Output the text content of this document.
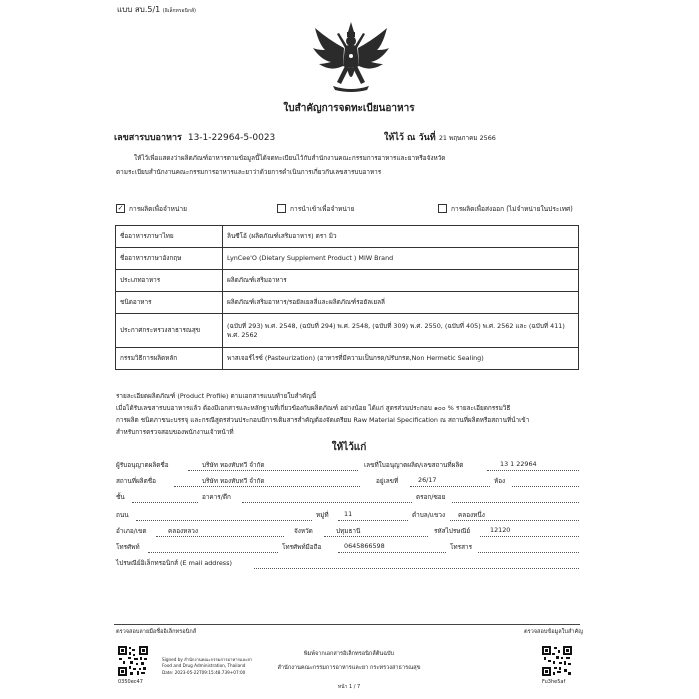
แบบ สบ.5/1 (อิเล็กทรอนิกส์)
ใบสำคัญการจดทะเบียนอาหาร
เลขสารบบอาหาร 13-1-22964-5-0023	ให้ไว้ ณ วันที่ 21 พฤษภาคม 2566
ให้ไว้เพื่อแสดงว่าผลิตภัณฑ์อาหารตามข้อมูลนี้ได้จดทะเบียนไว้กับสำนักงานคณะกรรมการอาหารและยาหรือจังหวัด
ตามระเบียบสำนักงานคณะกรรมการอาหารและยาว่าด้วยการดำเนินการเกี่ยวกับเลขสารบบอาหาร
✓ การผลิตเพื่อจำหน่าย	การนำเข้าเพื่อจำหน่าย	การผลิตเพื่อส่งออก (ไม่จำหน่ายในประเทศ)
ชื่ออาหารภาษาไทย	ลินซีโอ้ (ผลิตภัณฑ์เสริมอาหาร) ตรา มิว
ชื่ออาหารภาษาอังกฤษ	LynCee'O (Dietary Supplement Product ) MIW Brand
ประเภทอาหาร	ผลิตภัณฑ์เสริมอาหาร
ชนิดอาหาร	ผลิตภัณฑ์เสริมอาหาร/รอยัลเยลลี่และผลิตภัณฑ์รอยัลเยลลี่
ประกาศกระทรวงสาธารณสุข	(ฉบับที่ 293) พ.ศ. 2548, (ฉบับที่ 294) พ.ศ. 2548, (ฉบับที่ 309) พ.ศ. 2550, (ฉบับที่ 405) พ.ศ. 2562 และ (ฉบับที่ 411) พ.ศ. 2562
กรรมวิธีการผลิตหลัก	พาสเจอร์ไรซ์ (Pasteurization) (อาหารที่มีความเป็นกรด/ปรับกรด,Non Hermetic Sealing)
รายละเอียดผลิตภัณฑ์ (Product Profile) ตามเอกสารแนบท้ายใบสำคัญนี้
เมื่อได้รับเลขสารบบอาหารแล้ว ต้องมีเอกสารและหลักฐานที่เกี่ยวข้องกับผลิตภัณฑ์ อย่างน้อย ได้แก่ สูตรส่วนประกอบ ๑๐๐ % รายละเอียดกรรมวิธี
การผลิต ชนิดภาชนะบรรจุ และกรณีสูตรส่วนประกอบมีการเติมสารสำคัญต้องจัดเตรียม Raw Material Specification ณ สถานที่ผลิตหรือสถานที่นำเข้า
สำหรับการตรวจสอบของพนักงานเจ้าหน้าที่
ให้ไว้แก่
ผู้รับอนุญาตผลิตชื่อ	บริษัท ทองทับทวี จำกัด	เลขที่ใบอนุญาตผลิต/เลขสถานที่ผลิต	13 1 22964
สถานที่ผลิตชื่อ	บริษัท ทองทับทวี จำกัด	อยู่เลขที่	26/17	ห้อง
ชั้น	อาคาร/ตึก	ตรอก/ซอย
ถนน	หมู่ที่ 11	ตำบล/แขวง คลองหนึ่ง
อำเภอ/เขต	คลองหลวง	จังหวัด	ปทุมธานี	รหัสไปรษณีย์	12120
โทรศัพท์	โทรศัพท์มือถือ	0645866598	โทรสาร
ไปรษณีย์อิเล็กทรอนิกส์ (E mail address)
ตรวจสอบลายมือชื่ออิเล็กทรอนิกส์	ตรวจสอบข้อมูลใบสำคัญ
0350ec47
Signed by สำนักงานคณะกรรมการอาหารและยา
Food and Drug Administration, Thailand
Date: 2023-05-22T09:15:48.739+07:00
พิมพ์จากเอกสารอิเล็กทรอนิกส์ต้นฉบับ
สำนักงานคณะกรรมการอาหารและยา กระทรวงสาธารณสุข
หน้า 1 / 7
Fu3he5af
